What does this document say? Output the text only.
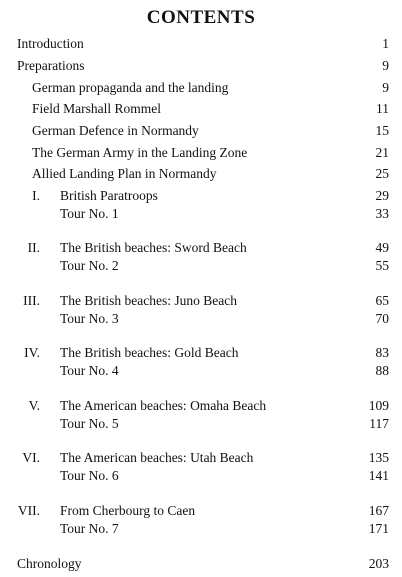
CONTENTS
Introduction	1
Preparations	9
German propaganda and the landing	9
Field Marshall Rommel	11
German Defence in Normandy	15
The German Army in the Landing Zone	21
Allied Landing Plan in Normandy	25
I. British Paratroops	29
Tour No. 1	33
II. The British beaches: Sword Beach	49
Tour No. 2	55
III. The British beaches: Juno Beach	65
Tour No. 3	70
IV. The British beaches: Gold Beach	83
Tour No. 4	88
V. The American beaches: Omaha Beach	109
Tour No. 5	117
VI. The American beaches: Utah Beach	135
Tour No. 6	141
VII. From Cherbourg to Caen	167
Tour No. 7	171
Chronology	203
